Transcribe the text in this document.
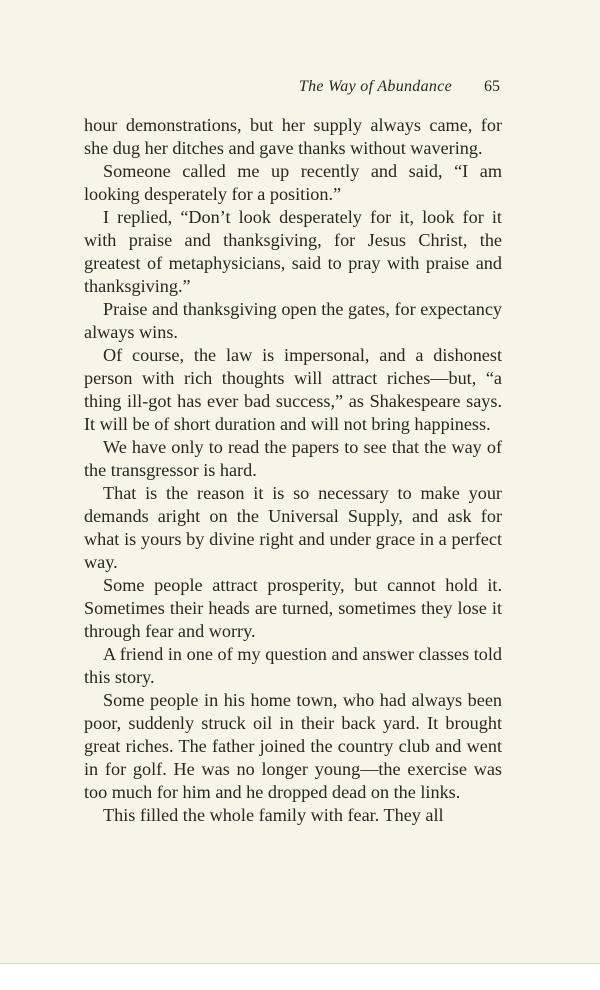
The Way of Abundance 65

hour demonstrations, but her supply always came, for she dug her ditches and gave thanks without wavering.

Someone called me up recently and said, “I am looking desperately for a position.”

I replied, “Don’t look desperately for it, look for it with praise and thanksgiving, for Jesus Christ, the greatest of metaphysicians, said to pray with praise and thanksgiving.”

Praise and thanksgiving open the gates, for expectancy always wins.

Of course, the law is impersonal, and a dishonest person with rich thoughts will attract riches—but, “a thing ill-got has ever bad success,” as Shakespeare says. It will be of short duration and will not bring happiness.

We have only to read the papers to see that the way of the transgressor is hard.

That is the reason it is so necessary to make your demands aright on the Universal Supply, and ask for what is yours by divine right and under grace in a perfect way.

Some people attract prosperity, but cannot hold it. Sometimes their heads are turned, sometimes they lose it through fear and worry.

A friend in one of my question and answer classes told this story.

Some people in his home town, who had always been poor, suddenly struck oil in their back yard. It brought great riches. The father joined the country club and went in for golf. He was no longer young—the exercise was too much for him and he dropped dead on the links.

This filled the whole family with fear. They all
